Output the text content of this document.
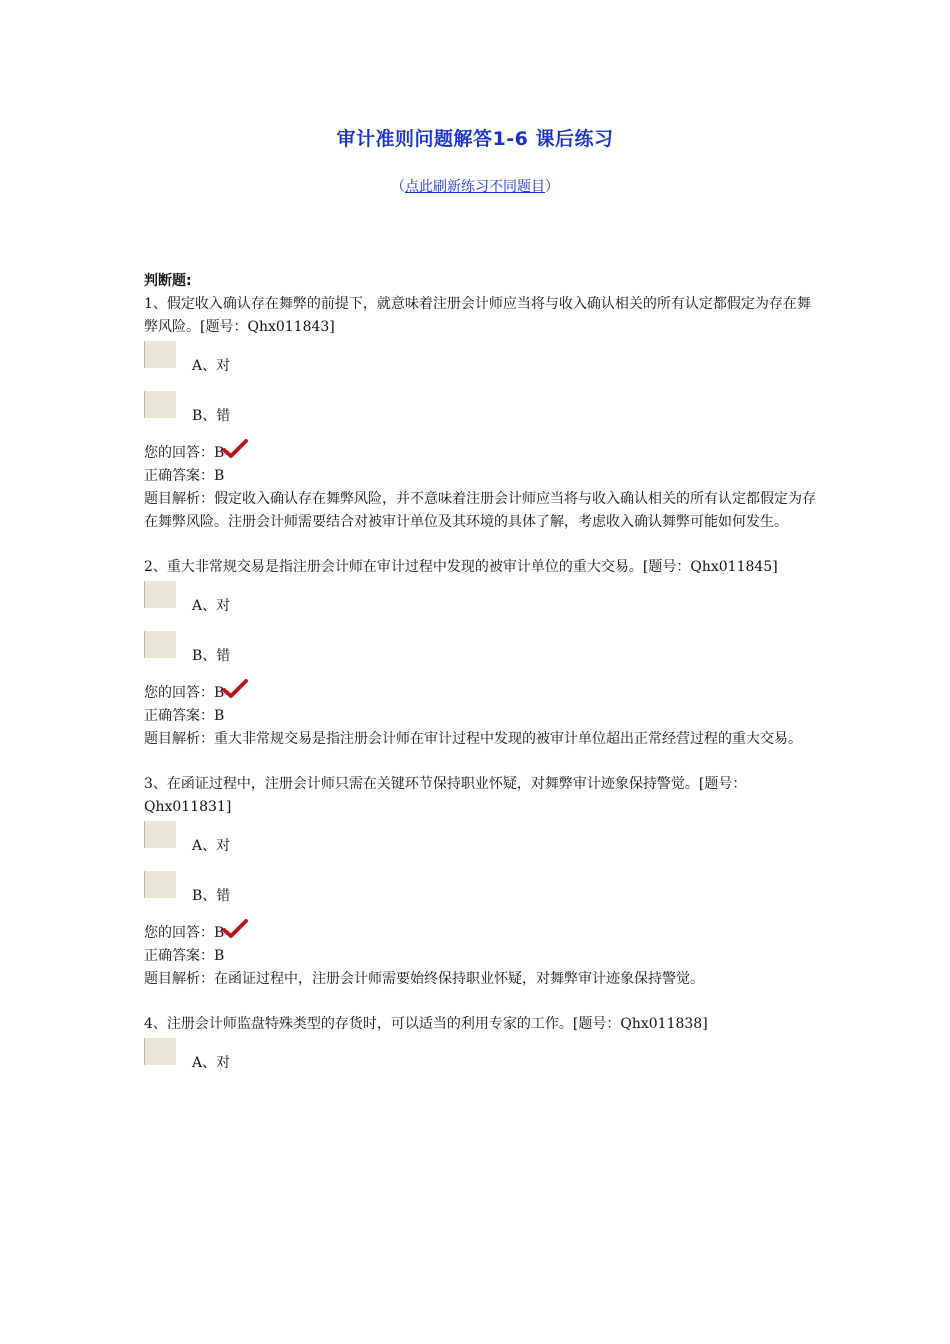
审计准则问题解答1-6 课后练习
（点此刷新练习不同题目）
判断题:

1、假定收入确认存在舞弊的前提下，就意味着注册会计师应当将与收入确认相关的所有认定都假定为存在舞弊风险。[题号：Qhx011843]

A、对
B、错
您的回答：B
正确答案：B
题目解析：假定收入确认存在舞弊风险，并不意味着注册会计师应当将与收入确认相关的所有认定都假定为存在舞弊风险。注册会计师需要结合对被审计单位及其环境的具体了解，考虑收入确认舞弊可能如何发生。

2、重大非常规交易是指注册会计师在审计过程中发现的被审计单位的重大交易。[题号：Qhx011845]

A、对
B、错
您的回答：B
正确答案：B
题目解析：重大非常规交易是指注册会计师在审计过程中发现的被审计单位超出正常经营过程的重大交易。

3、在函证过程中，注册会计师只需在关键环节保持职业怀疑，对舞弊审计迹象保持警觉。[题号：Qhx011831]

A、对
B、错
您的回答：B
正确答案：B
题目解析：在函证过程中，注册会计师需要始终保持职业怀疑，对舞弊审计迹象保持警觉。

4、注册会计师监盘特殊类型的存货时，可以适当的利用专家的工作。[题号：Qhx011838]

A、对
